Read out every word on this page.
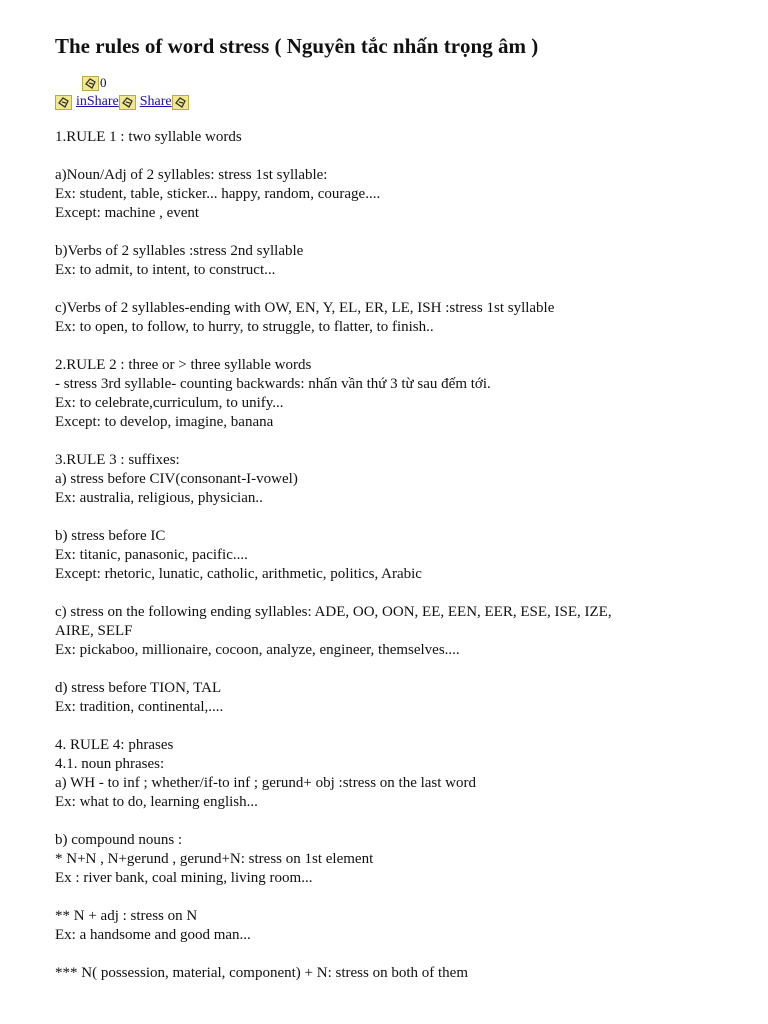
The rules of word stress ( Nguyên tắc nhấn trọng âm )
0
inShare Share

1.RULE 1 : two syllable words

a)Noun/Adj of 2 syllables: stress 1st syllable:
Ex: student, table, sticker... happy, random, courage....
Except: machine , event

b)Verbs of 2 syllables :stress 2nd syllable
Ex: to admit, to intent, to construct...

c)Verbs of 2 syllables-ending with OW, EN, Y, EL, ER, LE, ISH :stress 1st syllable
Ex: to open, to follow, to hurry, to struggle, to flatter, to finish..

2.RULE 2 : three or > three syllable words
- stress 3rd syllable- counting backwards: nhấn vần thứ 3 từ sau đếm tới.
Ex: to celebrate,curriculum, to unify...
Except: to develop, imagine, banana

3.RULE 3 : suffixes:
a) stress before CIV(consonant-I-vowel)
Ex: australia, religious, physician..

b) stress before IC
Ex: titanic, panasonic, pacific....
Except: rhetoric, lunatic, catholic, arithmetic, politics, Arabic

c) stress on the following ending syllables: ADE, OO, OON, EE, EEN, EER, ESE, ISE, IZE,
AIRE, SELF
Ex: pickaboo, millionaire, cocoon, analyze, engineer, themselves....

d) stress before TION, TAL
Ex: tradition, continental,....

4. RULE 4: phrases
4.1. noun phrases:
a) WH - to inf ; whether/if-to inf ; gerund+ obj :stress on the last word
Ex: what to do, learning english...

b) compound nouns :
* N+N , N+gerund , gerund+N: stress on 1st element
Ex : river bank, coal mining, living room...

** N + adj : stress on N
Ex: a handsome and good man...

*** N( possession, material, component) + N: stress on both of them
